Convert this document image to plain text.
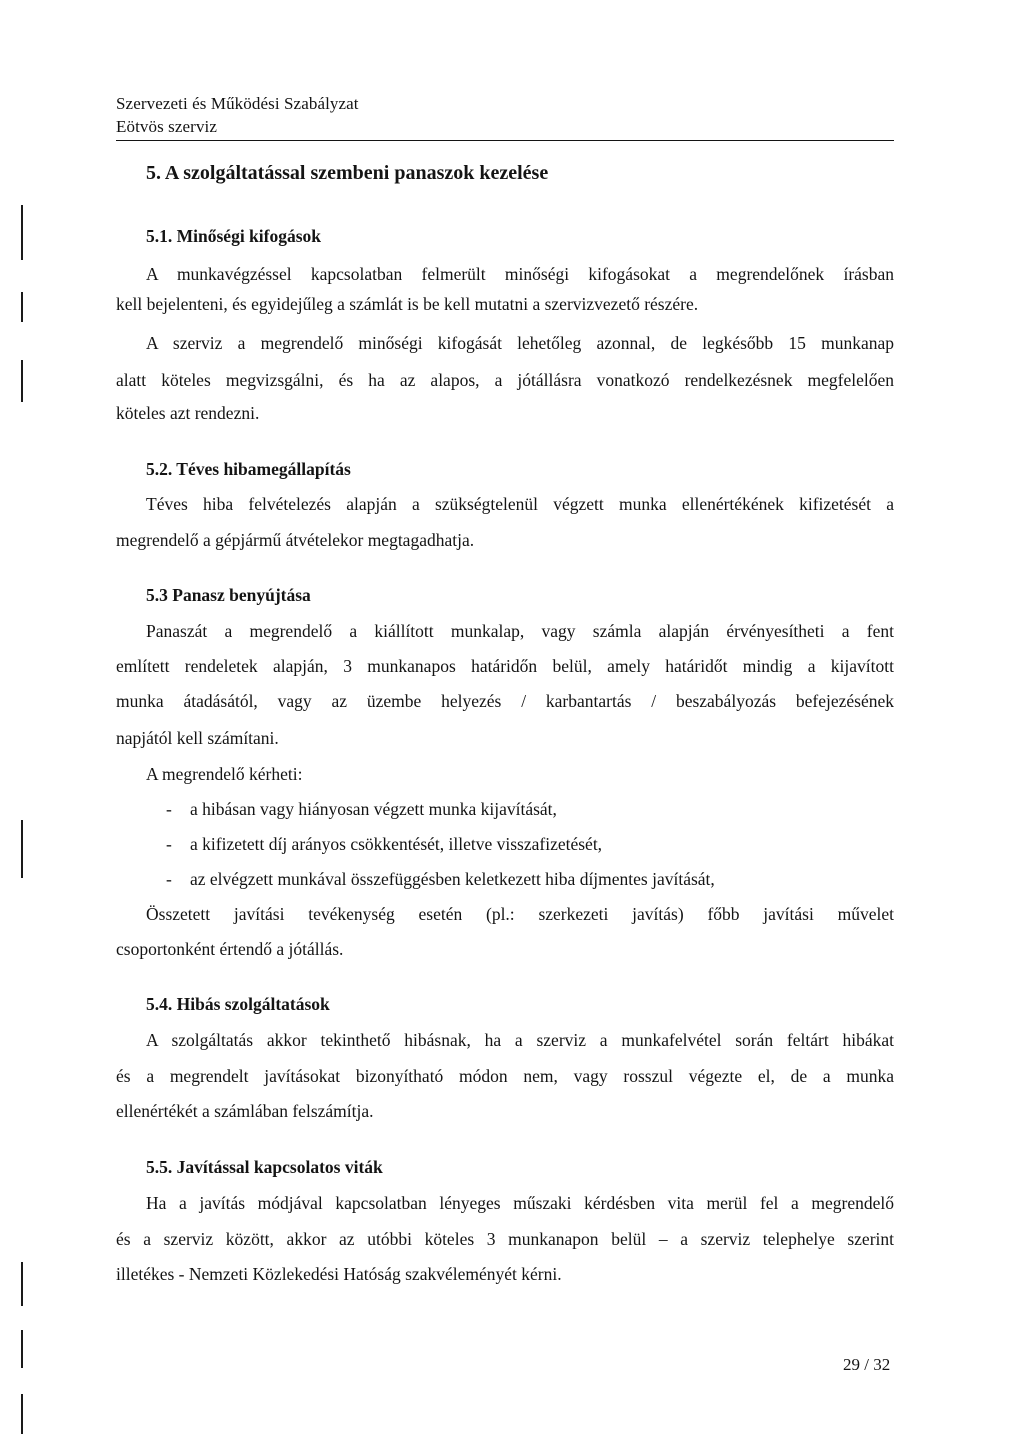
Szervezeti és Működési Szabályzat
Eötvös szerviz
5. A szolgáltatással szembeni panaszok kezelése
5.1. Minőségi kifogások
A munkavégzéssel kapcsolatban felmerült minőségi kifogásokat a megrendelőnek írásban
kell bejelenteni, és egyidejűleg a számlát is be kell mutatni a szervizvezető részére.
A szerviz a megrendelő minőségi kifogását lehetőleg azonnal, de legkésőbb 15 munkanap
alatt köteles megvizsgálni, és ha az alapos, a jótállásra vonatkozó rendelkezésnek megfelelően
köteles azt rendezni.
5.2. Téves hibamegállapítás
Téves hiba felvételezés alapján a szükségtelenül végzett munka ellenértékének kifizetését a
megrendelő a gépjármű átvételekor megtagadhatja.
5.3 Panasz benyújtása
Panaszát a megrendelő a kiállított munkalap, vagy számla alapján érvényesítheti a fent
említett rendeletek alapján, 3 munkanapos határidőn belül, amely határidőt mindig a kijavított
munka átadásától, vagy az üzembe helyezés / karbantartás / beszabályozás befejezésének
napjától kell számítani.
A megrendelő kérheti:
- a hibásan vagy hiányosan végzett munka kijavítását,
- a kifizetett díj arányos csökkentését, illetve visszafizetését,
- az elvégzett munkával összefüggésben keletkezett hiba díjmentes javítását,
Összetett javítási tevékenység esetén (pl.: szerkezeti javítás) főbb javítási művelet
csoportonként értendő a jótállás.
5.4. Hibás szolgáltatások
A szolgáltatás akkor tekinthető hibásnak, ha a szerviz a munkafelvétel során feltárt hibákat
és a megrendelt javításokat bizonyítható módon nem, vagy rosszul végezte el, de a munka
ellenértékét a számlában felszámítja.
5.5. Javítással kapcsolatos viták
Ha a javítás módjával kapcsolatban lényeges műszaki kérdésben vita merül fel a megrendelő
és a szerviz között, akkor az utóbbi köteles 3 munkanapon belül – a szerviz telephelye szerint
illetékes - Nemzeti Közlekedési Hatóság szakvéleményét kérni.
29 / 32
